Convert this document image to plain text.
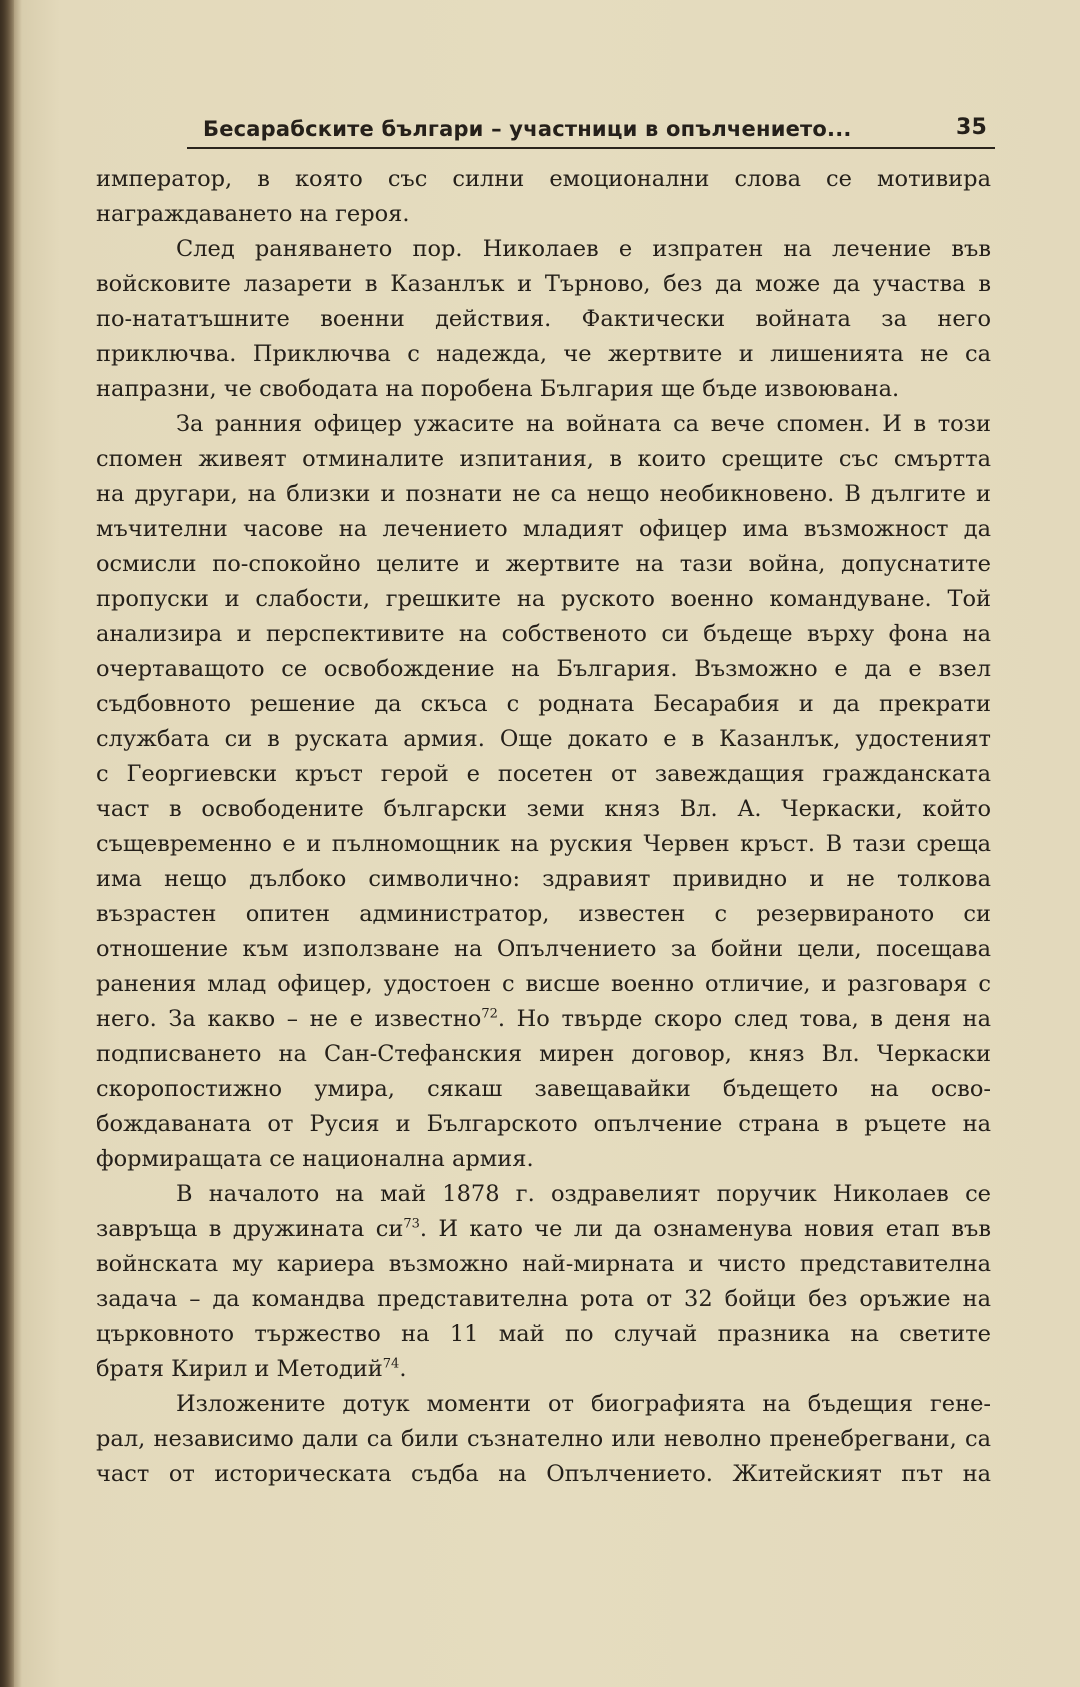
Бесарабските българи – участници в опълчението...	35
император, в която със силни емоционални слова се мотивира
награждаването на героя.
След раняването пор. Николаев е изпратен на лечение във
войсковите лазарети в Казанлък и Търново, без да може да участва в
по-нататъшните военни действия. Фактически войната за него
приключва. Приключва с надежда, че жертвите и лишенията не са
напразни, че свободата на поробена България ще бъде извоювана.
За ранния офицер ужасите на войната са вече спомен. И в този
спомен живеят отминалите изпитания, в които срещите със смъртта
на другари, на близки и познати не са нещо необикновено. В дългите и
мъчителни часове на лечението младият офицер има възможност да
осмисли по-спокойно целите и жертвите на тази война, допуснатите
пропуски и слабости, грешките на руското военно командуване. Той
анализира и перспективите на собственото си бъдеще върху фона на
очертаващото се освобождение на България. Възможно е да е взел
съдбовното решение да скъса с родната Бесарабия и да прекрати
службата си в руската армия. Още докато е в Казанлък, удостеният
с Георгиевски кръст герой е посетен от завеждащия гражданската
част в освободените български земи княз Вл. А. Черкаски, който
същевременно е и пълномощник на руския Червен кръст. В тази среща
има нещо дълбоко символично: здравият привидно и не толкова
възрастен опитен администратор, известен с резервираното си
отношение към използване на Опълчението за бойни цели, посещава
ранения млад офицер, удостоен с висше военно отличие, и разговаря с
него. За какво – не е известно$^{72}$. Но твърде скоро след това, в деня на
подписването на Сан-Стефанския мирен договор, княз Вл. Черкаски
скоропостижно умира, сякаш завещавайки бъдещето на осво-
бождаваната от Русия и Българското опълчение страна в ръцете на
формиращата се национална армия.
В началото на май 1878 г. оздравелият поручик Николаев се
завръща в дружината $си^{73}$. И като че ли да ознаменува новия етап във
войнската му кариера възможно най-мирната и чисто представителна
задача – да командва представителна рота от 32 бойци без оръжие на
църковното тържество на 11 май по случай празника на светите
братя Кирил и Методий$^{74}$.
Изложените дотук моменти от биографията на бъдещия гене-
рал, независимо дали са били съзнателно или неволно пренебрегвани, са
част от историческата съдба на Опълчението. Житейският път на
